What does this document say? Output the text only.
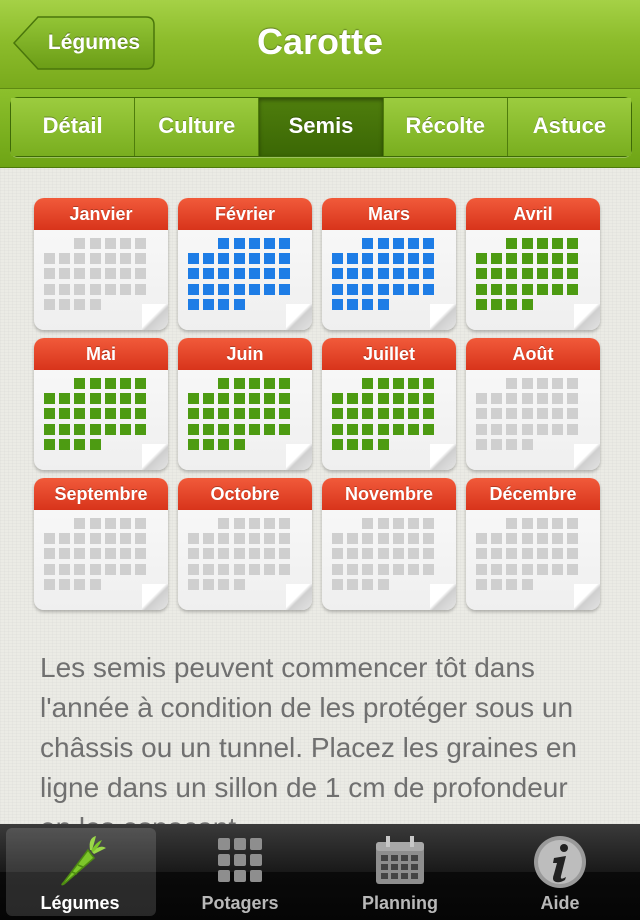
Légumes	Carotte
Détail	Culture	Semis	Récolte	Astuce
Janvier	Février	Mars	Avril
Mai	Juin	Juillet	Août
Septembre	Octobre	Novembre	Décembre
Les semis peuvent commencer tôt dans l'année à condition de les protéger sous un châssis ou un tunnel. Placez les graines en ligne dans un sillon de 1 cm de profondeur
Légumes	Potagers	Planning	Aide
